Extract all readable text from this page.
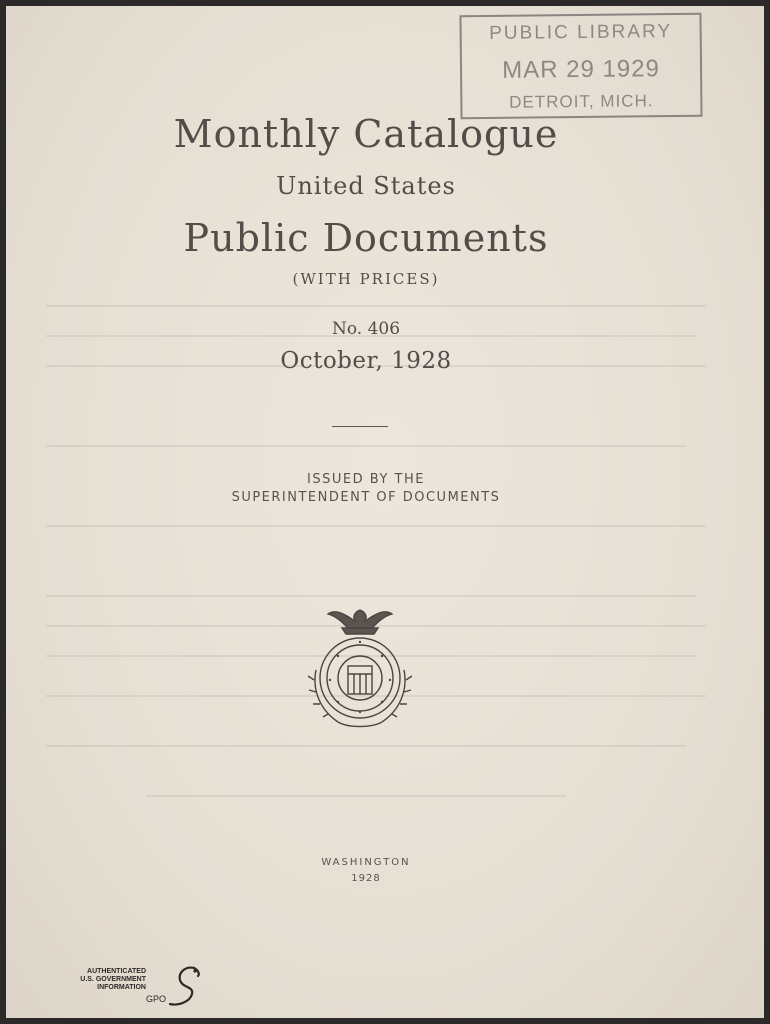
PUBLIC LIBRARY
MAR 29 1929
DETROIT, MICH.
Monthly Catalogue
United States
Public Documents
(WITH PRICES)
No. 406
October, 1928
ISSUED BY THE
SUPERINTENDENT OF DOCUMENTS
WASHINGTON
1928
AUTHENTICATED
U.S. GOVERNMENT
INFORMATION
GPO
